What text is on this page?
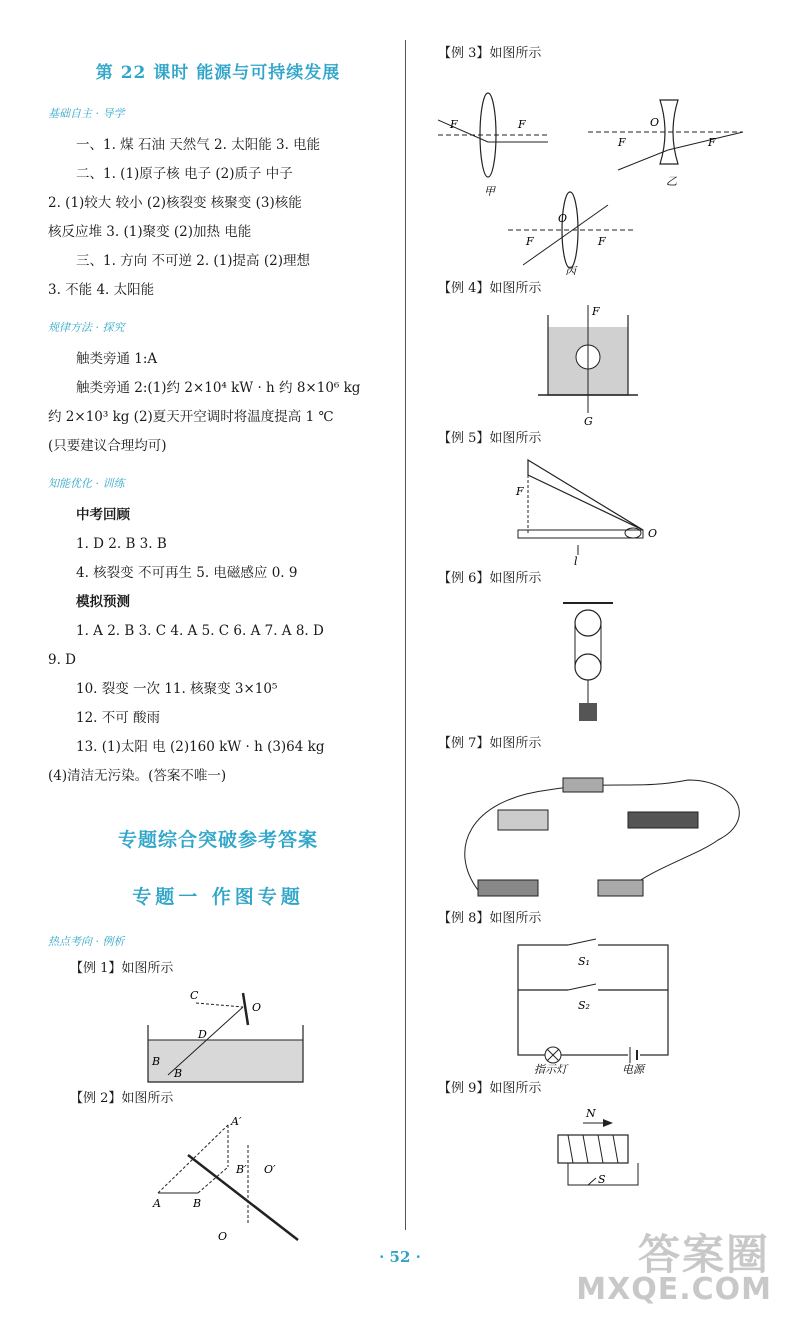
第 22 课时 能源与可持续发展
基础自主 · 导学
一、1. 煤 石油 天然气 2. 太阳能 3. 电能
二、1. (1)原子核 电子 (2)质子 中子
2. (1)较大 较小 (2)核裂变 核聚变 (3)核能
核反应堆 3. (1)聚变 (2)加热 电能
三、1. 方向 不可逆 2. (1)提高 (2)理想
3. 不能 4. 太阳能
规律方法 · 探究
触类旁通 1:A
触类旁通 2:(1)约 2×10⁴ kW · h 约 8×10⁶ kg
约 2×10³ kg (2)夏天开空调时将温度提高 1 ℃
(只要建议合理均可)
知能优化 · 训练
中考回顾
1. D 2. B 3. B
4. 核裂变 不可再生 5. 电磁感应 0. 9
模拟预测
1. A 2. B 3. C 4. A 5. C 6. A 7. A 8. D
9. D
10. 裂变 一次 11. 核聚变 3×10⁵
12. 不可 酸雨
13. (1)太阳 电 (2)160 kW · h (3)64 kg
(4)清洁无污染。(答案不唯一)
专题综合突破参考答案
专题一 作图专题
热点考向 · 例析
【例 1】如图所示
C
O
D
B
B
【例 2】如图所示
A′
B′ O′
A	B
O
【例 3】如图所示
F	F
甲
O
F	F
乙
O
F	F
丙
【例 4】如图所示
F
G
【例 5】如图所示
F
O
l
【例 6】如图所示
【例 7】如图所示
【例 8】如图所示
S₁
S₂
指示灯	电源
【例 9】如图所示
N
S
· 52 ·	答案圈
MXQE.COM
